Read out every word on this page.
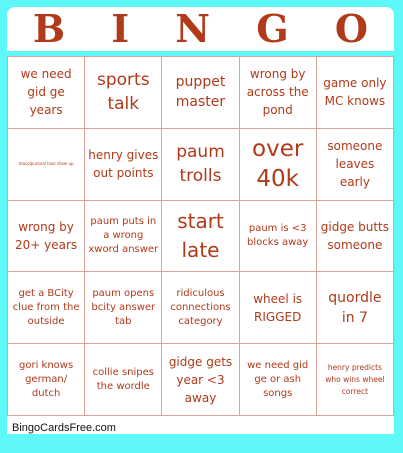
B I N G O
we need gid ge years
sports talk
puppet master
wrong by across the pond
game only MC knows
macolpurenal lavo show up
henry gives out points
paum trolls
over 40k
someone leaves early
wrong by 20+ years
paum puts in a wrong xword answer
start late
paum is <3 blocks away
gidge butts someone
get a BCity clue from the outside
paum opens bcity answer tab
ridiculous connections category
wheel is RIGGED
quordle in 7
gori knows german/ dutch
collie snipes the wordle
gidge gets year <3 away
we need gid ge or ash songs
henry predicts who wins wheel correct
BingoCardsFree.com
